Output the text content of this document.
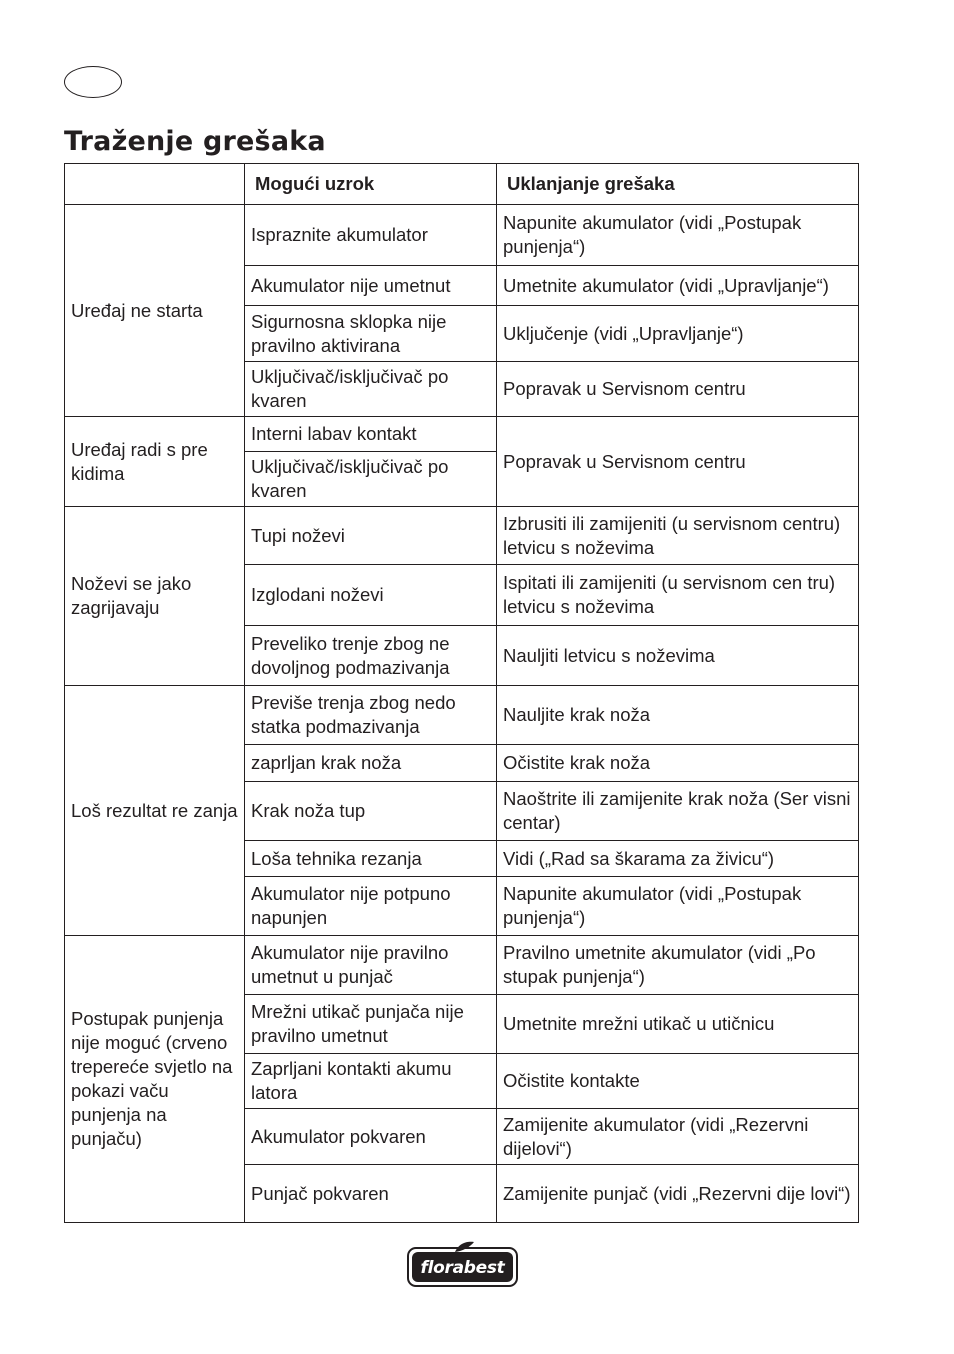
Traženje grešaka
	Mogući uzrok	Uklanjanje grešaka
Uređaj ne starta	Ispraznite akumulator	Napunite akumulator (vidi „Postupak punjenja“)
	Akumulator nije umetnut	Umetnite akumulator (vidi „Upravljanje“)
	Sigurnosna sklopka nije pravilno aktivirana	Uključenje (vidi „Upravljanje“)
	Uključivač/isključivač po kvaren	Popravak u Servisnom centru
Uređaj radi s pre kidima	Interni labav kontakt	Popravak u Servisnom centru
	Uključivač/isključivač po kvaren	
Noževi se jako zagrijavaju	Tupi noževi	Izbrusiti ili zamijeniti (u servisnom centru) letvicu s noževima
	Izglodani noževi	Ispitati ili zamijeniti (u servisnom cen tru) letvicu s noževima
	Preveliko trenje zbog ne dovoljnog podmazivanja	Nauljiti letvicu s noževima
Loš rezultat re zanja	Previše trenja zbog nedo statka podmazivanja	Nauljite krak noža
	zaprljan krak noža	Očistite krak noža
	Krak noža tup	Naoštrite ili zamijenite krak noža (Ser visni centar)
	Loša tehnika rezanja	Vidi („Rad sa škarama za živicu“)
	Akumulator nije potpuno napunjen	Napunite akumulator (vidi „Postupak punjenja“)
Postupak punjenja nije moguć (crveno trepereće svjetlo na pokazi vaču punjenja na punjaču)	Akumulator nije pravilno umetnut u punjač	Pravilno umetnite akumulator (vidi „Po stupak punjenja“)
	Mrežni utikač punjača nije pravilno umetnut	Umetnite mrežni utikač u utičnicu
	Zaprljani kontakti akumu latora	Očistite kontakte
	Akumulator pokvaren	Zamijenite akumulator (vidi „Rezervni dijelovi“)
	Punjač pokvaren	Zamijenite punjač (vidi „Rezervni dije lovi“)
florabest
